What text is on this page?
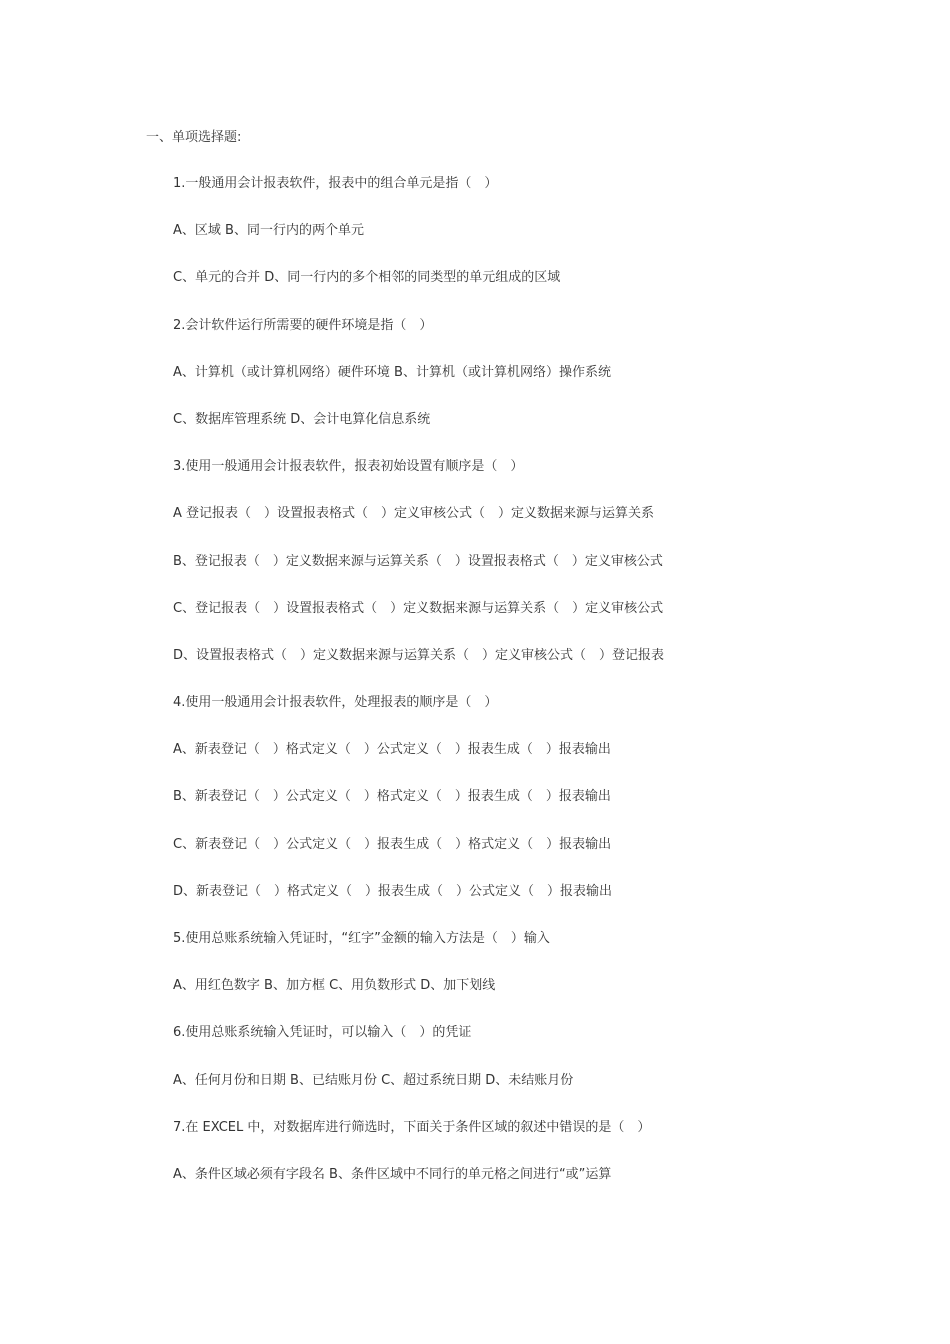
一、单项选择题:
1.一般通用会计报表软件，报表中的组合单元是指（　）
A、区域 B、同一行内的两个单元
C、单元的合并 D、同一行内的多个相邻的同类型的单元组成的区域
2.会计软件运行所需要的硬件环境是指（　）
A、计算机（或计算机网络）硬件环境 B、计算机（或计算机网络）操作系统
C、数据库管理系统 D、会计电算化信息系统
3.使用一般通用会计报表软件，报表初始设置有顺序是（　）
A 登记报表（　）设置报表格式（　）定义审核公式（　）定义数据来源与运算关系
B、登记报表（　）定义数据来源与运算关系（　）设置报表格式（　）定义审核公式
C、登记报表（　）设置报表格式（　）定义数据来源与运算关系（　）定义审核公式
D、设置报表格式（　）定义数据来源与运算关系（　）定义审核公式（　）登记报表
4.使用一般通用会计报表软件，处理报表的顺序是（　）
A、新表登记（　）格式定义（　）公式定义（　）报表生成（　）报表输出
B、新表登记（　）公式定义（　）格式定义（　）报表生成（　）报表输出
C、新表登记（　）公式定义（　）报表生成（　）格式定义（　）报表输出
D、新表登记（　）格式定义（　）报表生成（　）公式定义（　）报表输出
5.使用总账系统输入凭证时，“红字”金额的输入方法是（　）输入
A、用红色数字 B、加方框 C、用负数形式 D、加下划线
6.使用总账系统输入凭证时，可以输入（　）的凭证
A、任何月份和日期 B、已结账月份 C、超过系统日期 D、未结账月份
7.在 EXCEL 中，对数据库进行筛选时，下面关于条件区域的叙述中错误的是（　）
A、条件区域必须有字段名 B、条件区域中不同行的单元格之间进行“或”运算
